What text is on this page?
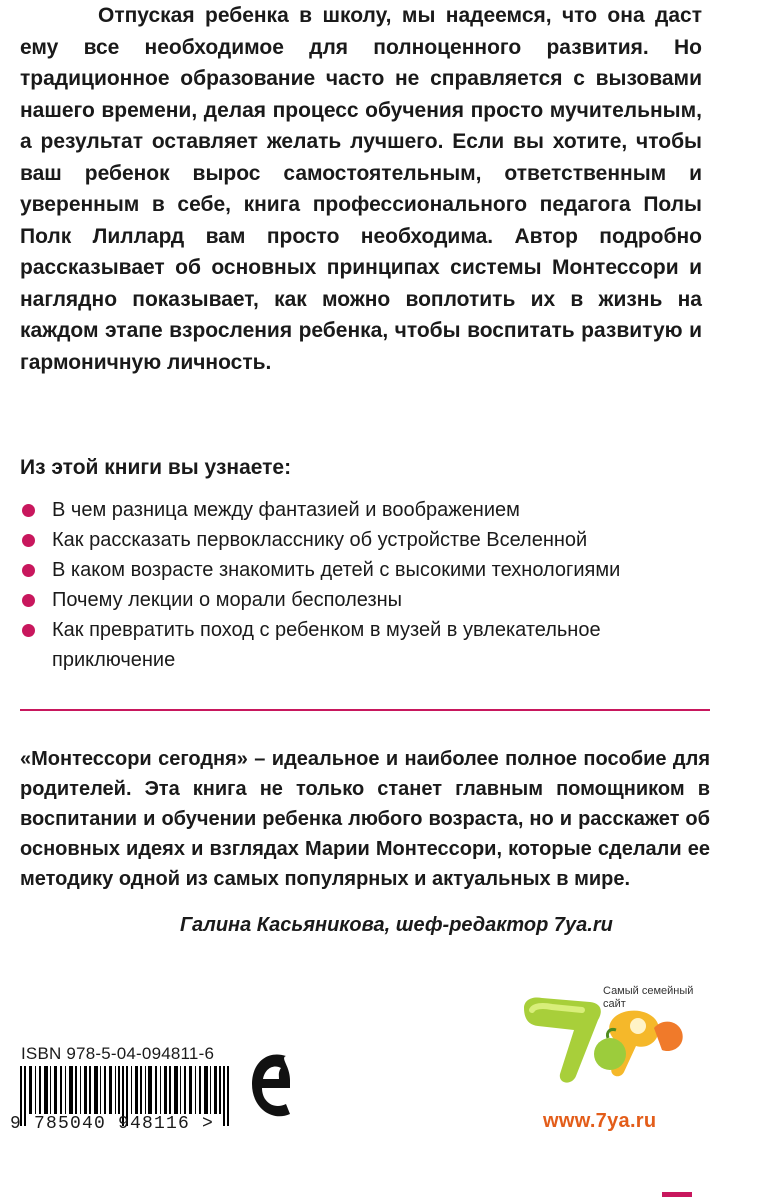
Отпуская ребенка в школу, мы надеемся, что она даст ему все необходимое для полноценного развития. Но традиционное образование часто не справляется с вызовами нашего времени, делая процесс обучения просто мучительным, а результат оставляет желать лучшего. Если вы хотите, чтобы ваш ребенок вырос самостоятельным, ответственным и уверенным в себе, книга профессионального педагога Полы Полк Лиллард вам просто необходима. Автор подробно рассказывает об основных принципах системы Монтессори и наглядно показывает, как можно воплотить их в жизнь на каждом этапе взросления ребенка, чтобы воспитать развитую и гармоничную личность.

Из этой книги вы узнаете:

В чем разница между фантазией и воображением
Как рассказать первокласснику об устройстве Вселенной
В каком возрасте знакомить детей с высокими технологиями
Почему лекции о морали бесполезны
Как превратить поход с ребенком в музей в увлекательное приключение

«Монтессори сегодня» – идеальное и наиболее полное пособие для родителей. Эта книга не только станет главным помощником в воспитании и обучении ребенка любого возраста, но и расскажет об основных идеях и взглядах Марии Монтессори, которые сделали ее методику одной из самых популярных и актуальных в мире.

Галина Касьяникова, шеф-редактор 7ya.ru

ISBN 978-5-04-094811-6
9 785040 948116 >
Самый семейный сайт
www.7ya.ru
